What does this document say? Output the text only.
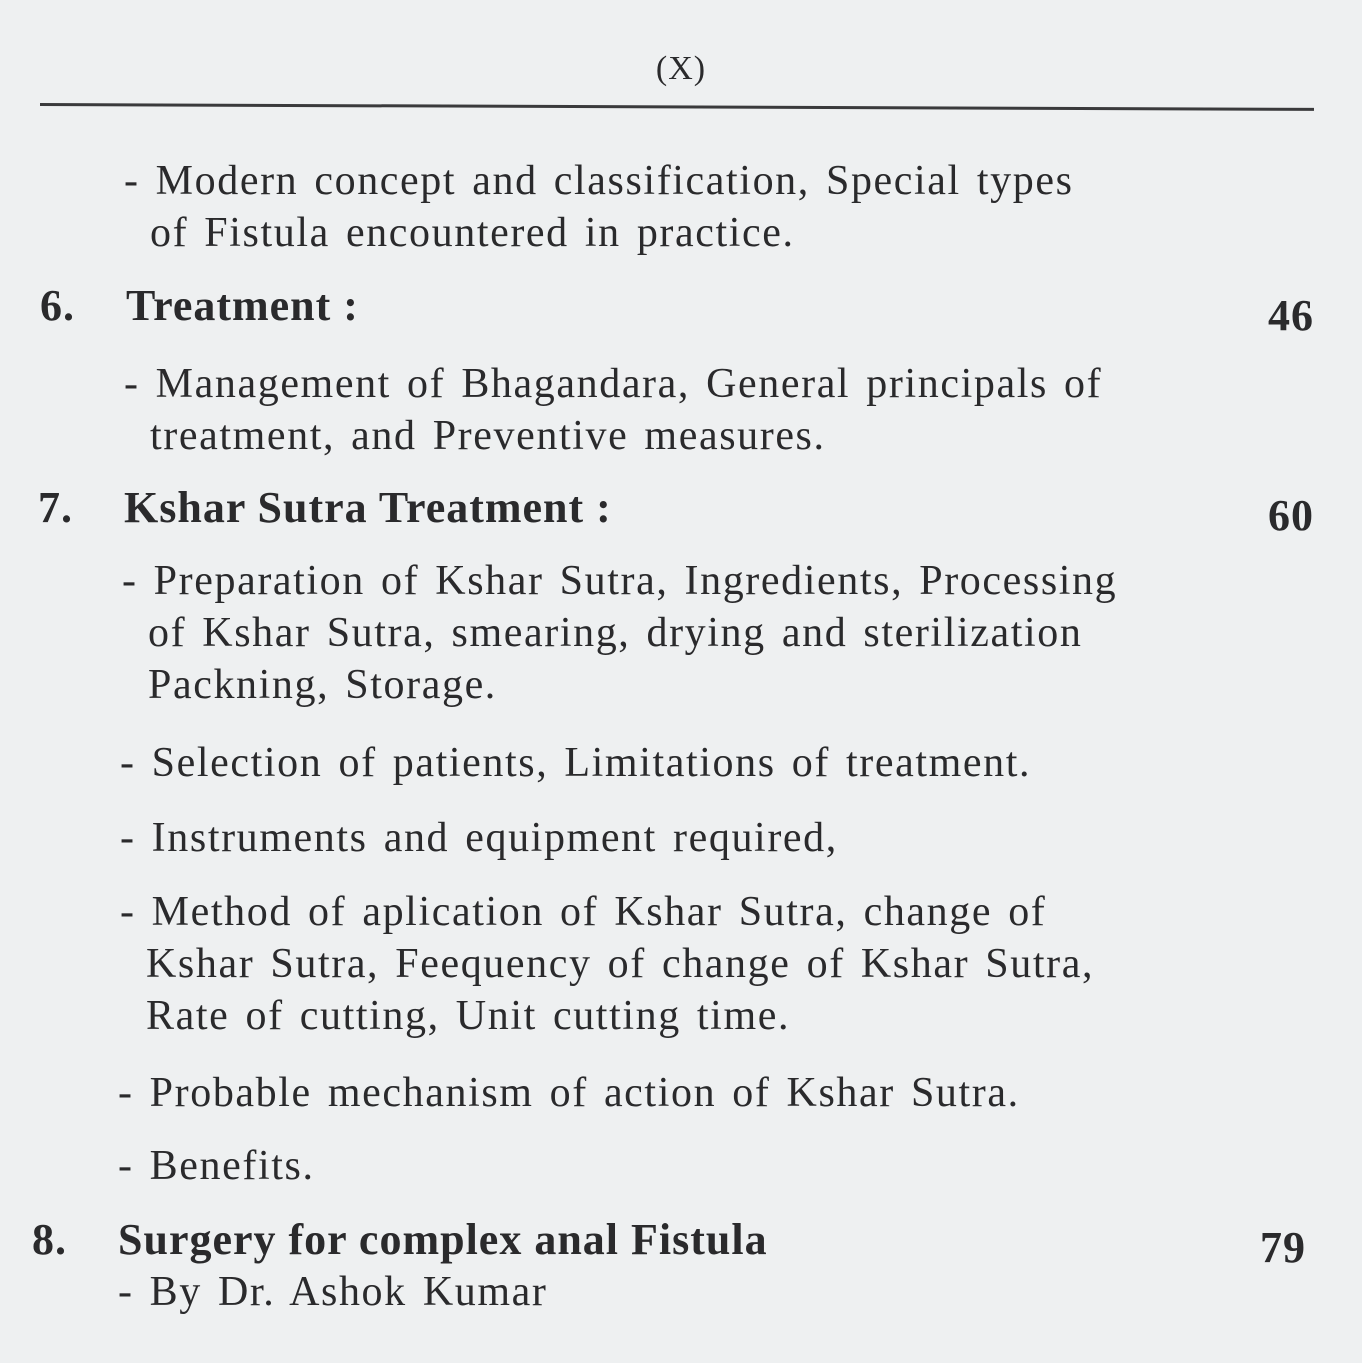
(X)

- Modern concept and classification, Special types
of Fistula encountered in practice.

6. Treatment :	46

- Management of Bhagandara, General principals of
treatment, and Preventive measures.

7. Kshar Sutra Treatment :	60

- Preparation of Kshar Sutra, Ingredients, Processing
of Kshar Sutra, smearing, drying and sterilization
Packning, Storage.

- Selection of patients, Limitations of treatment.

- Instruments and equipment required,

- Method of aplication of Kshar Sutra, change of
Kshar Sutra, Feequency of change of Kshar Sutra,
Rate of cutting, Unit cutting time.

- Probable mechanism of action of Kshar Sutra.

- Benefits.

8. Surgery for complex anal Fistula	79

- By Dr. Ashok Kumar
